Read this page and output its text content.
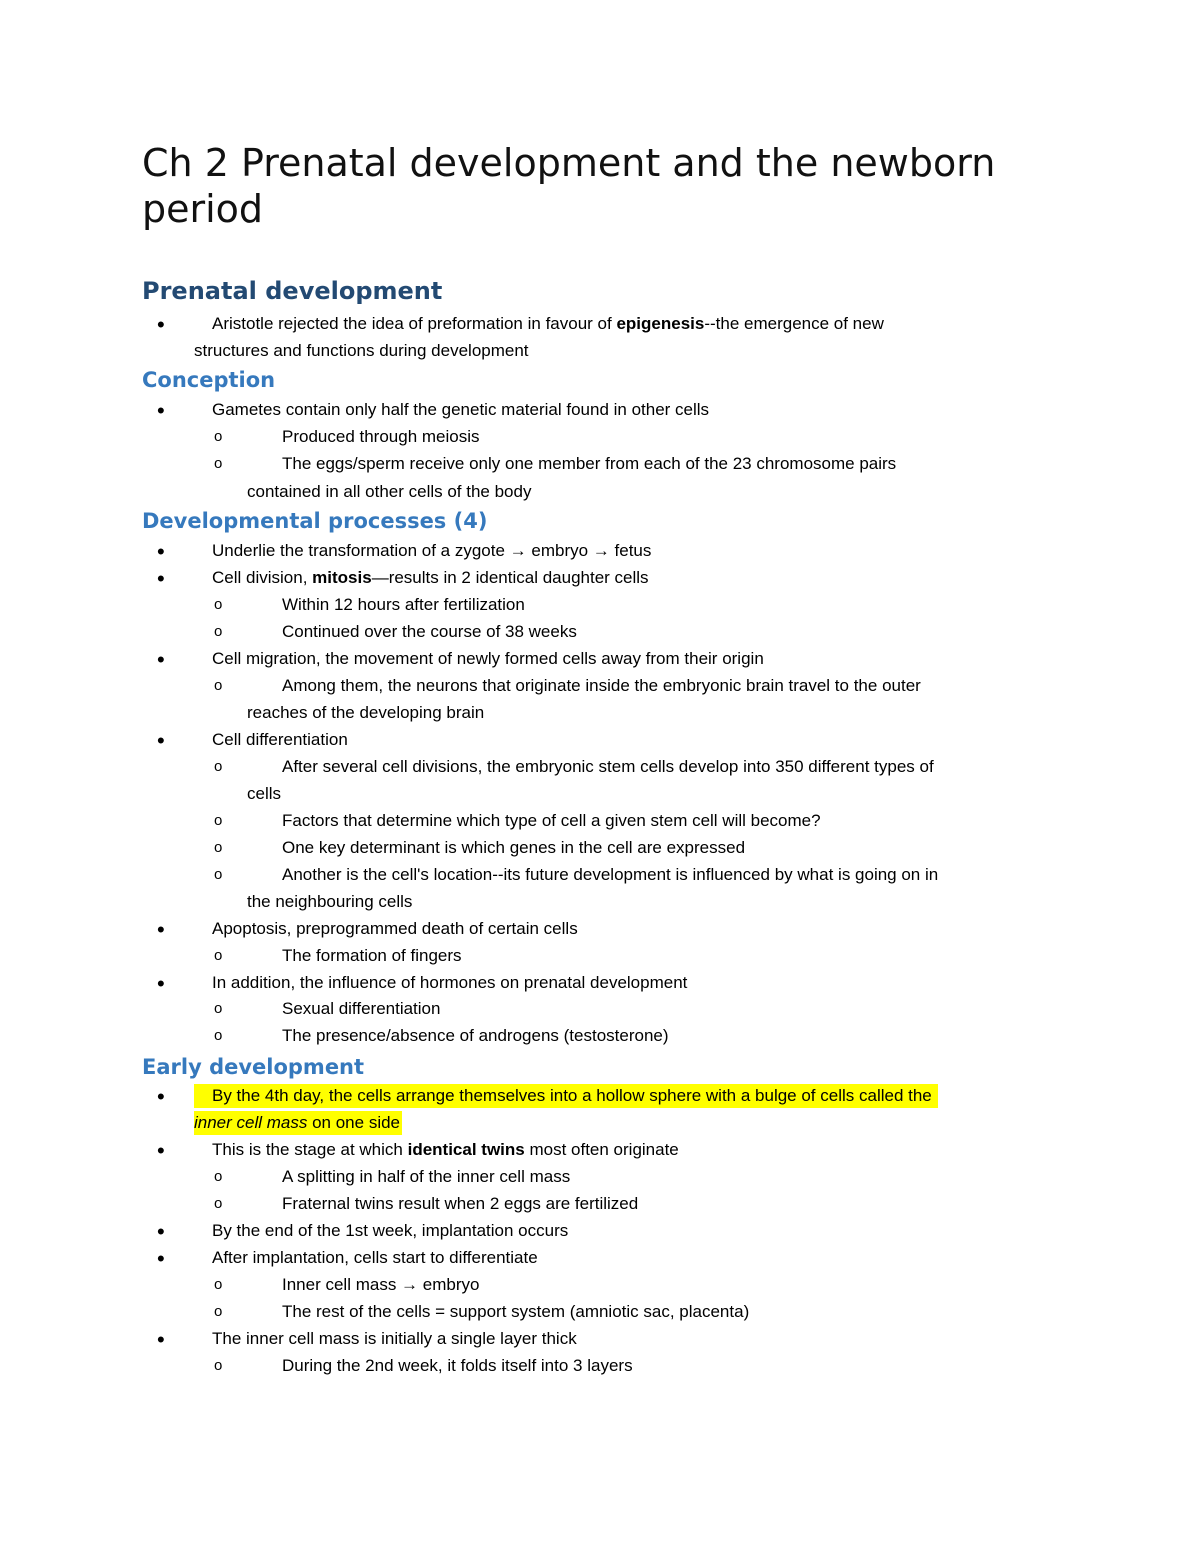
Ch 2 Prenatal development and the newborn period
Prenatal development
•	Aristotle rejected the idea of preformation in favour of epigenesis--the emergence of new

structures and functions during development

Conception
•	Gametes contain only half the genetic material found in other cells

o	Produced through meiosis

o	The eggs/sperm receive only one member from each of the 23 chromosome pairs

contained in all other cells of the body

Developmental processes (4)
•	Underlie the transformation of a zygote → embryo → fetus

•	Cell division, mitosis—results in 2 identical daughter cells

o	Within 12 hours after fertilization

o	Continued over the course of 38 weeks

•	Cell migration, the movement of newly formed cells away from their origin

o	Among them, the neurons that originate inside the embryonic brain travel to the outer

reaches of the developing brain

•	Cell differentiation

o	After several cell divisions, the embryonic stem cells develop into 350 different types of

cells

o	Factors that determine which type of cell a given stem cell will become?

o	One key determinant is which genes in the cell are expressed

o	Another is the cell's location--its future development is influenced by what is going on in

the neighbouring cells

•	Apoptosis, preprogrammed death of certain cells

o	The formation of fingers

•	In addition, the influence of hormones on prenatal development

o	Sexual differentiation

o	The presence/absence of androgens (testosterone)

Early development
•	By the 4th day, the cells arrange themselves into a hollow sphere with a bulge of cells called the

inner cell mass on one side

•	This is the stage at which identical twins most often originate

o	A splitting in half of the inner cell mass

o	Fraternal twins result when 2 eggs are fertilized

•	By the end of the 1st week, implantation occurs

•	After implantation, cells start to differentiate

o	Inner cell mass → embryo

o	The rest of the cells = support system (amniotic sac, placenta)

•	The inner cell mass is initially a single layer thick

o	During the 2nd week, it folds itself into 3 layers
